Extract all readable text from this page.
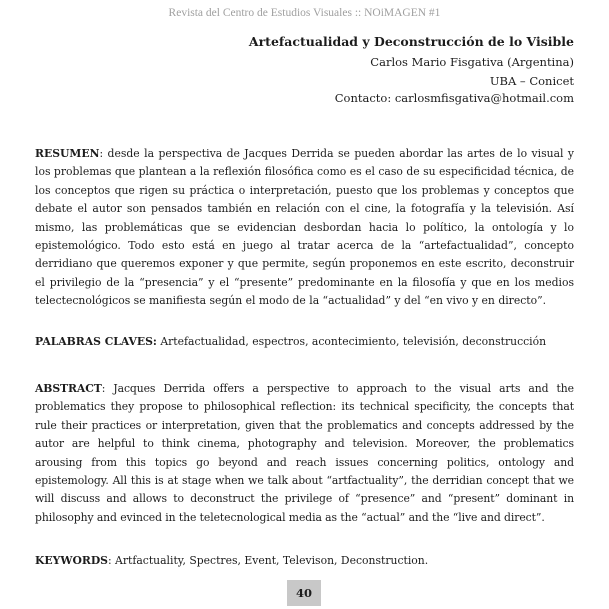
Revista del Centro de Estudios Visuales :: NOiMAGEN #1
Artefactualidad y Deconstrucción de lo Visible
Carlos Mario Fisgativa (Argentina)
UBA – Conicet
Contacto: carlosmfisgativa@hotmail.com

RESUMEN: desde la perspectiva de Jacques Derrida se pueden abordar las artes de lo visual y los problemas que plantean a la reflexión filosófica como es el caso de su especificidad técnica, de los conceptos que rigen su práctica o interpretación, puesto que los problemas y conceptos que debate el autor son pensados también en relación con el cine, la fotografía y la televisión. Así mismo, las problemáticas que se evidencian desbordan hacia lo político, la ontología y lo epistemológico. Todo esto está en juego al tratar acerca de la “artefactualidad”, concepto derridiano que queremos exponer y que permite, según proponemos en este escrito, deconstruir el privilegio de la “presencia” y el “presente” predominante en la filosofía y que en los medios telectecnológicos se manifiesta según el modo de la “actualidad” y del “en vivo y en directo”.

PALABRAS CLAVES: Artefactualidad, espectros, acontecimiento, televisión, deconstrucción

ABSTRACT: Jacques Derrida offers a perspective to approach to the visual arts and the problematics they propose to philosophical reflection: its technical specificity, the concepts that rule their practices or interpretation, given that the problematics and concepts addressed by the autor are helpful to think cinema, photography and television. Moreover, the problematics arousing from this topics go beyond and reach issues concerning politics, ontology and epistemology. All this is at stage when we talk about “artfactuality”, the derridian concept that we will discuss and allows to deconstruct the privilege of “presence” and “present” dominant in philosophy and evinced in the teletecnological media as the “actual” and the “live and direct”.

KEYWORDS: Artfactuality, Spectres, Event, Televison, Deconstruction.

40
